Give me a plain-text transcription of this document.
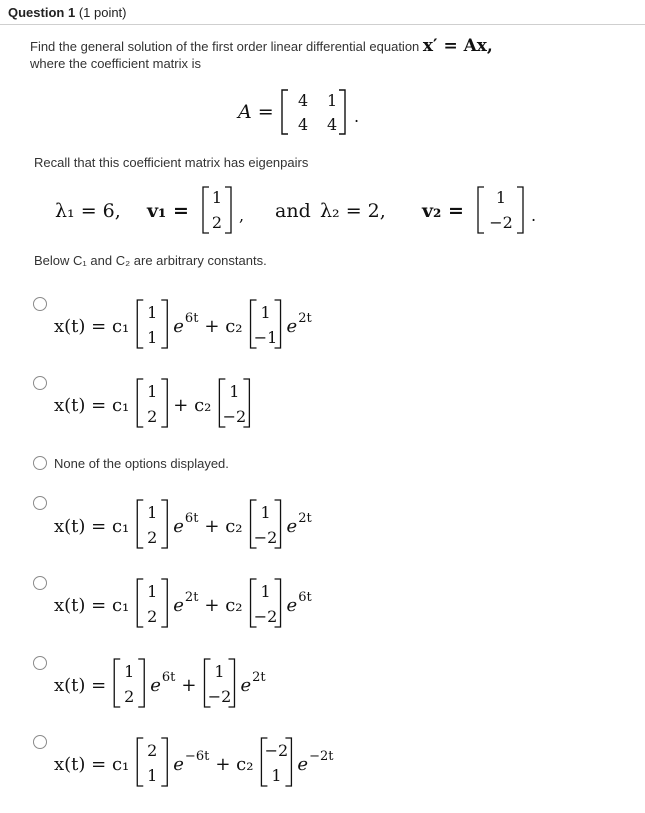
Question 1 (1 point)
Find the general solution of the first order linear differential equation x′ = Ax,
where the coefficient matrix is
A =
4 1
4 4 .
Recall that this coefficient matrix has eigenpairs
λ₁ = 6, v₁ =
1
2 , and λ₂ = 2, v₂ =
1
−2 .
Below C₁ and C₂ are arbitrary constants.
x(t) = c₁
1
1
e 6t + c₂
1
−1
e 2t
x(t) = c₁
1
2
+ c₂
1
−2
None of the options displayed.
x(t) = c₁
1
2
e 6t + c₂
1
−2
e 2t
x(t) = c₁
1
2
e 2t + c₂
1
−2
e 6t
x(t) =
1
2
e 6t +
1
−2
e 2t
x(t) = c₁
2
1
e −6t + c₂
−2
1
e −2t
